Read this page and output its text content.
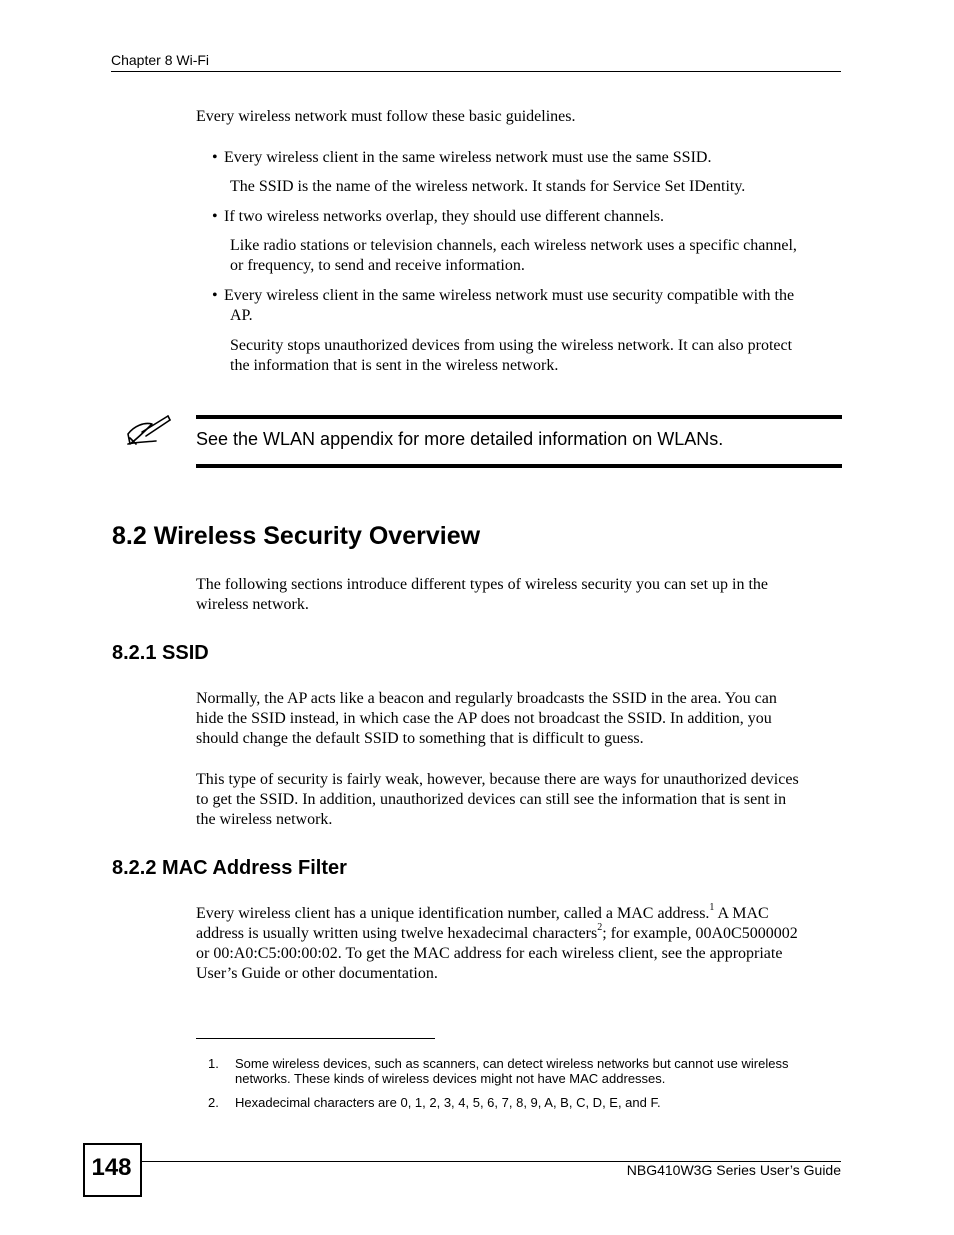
Chapter 8 Wi-Fi
Every wireless network must follow these basic guidelines.
• Every wireless client in the same wireless network must use the same SSID.
The SSID is the name of the wireless network. It stands for Service Set IDentity.
• If two wireless networks overlap, they should use different channels.
Like radio stations or television channels, each wireless network uses a specific channel,
or frequency, to send and receive information.
• Every wireless client in the same wireless network must use security compatible with the
AP.
Security stops unauthorized devices from using the wireless network. It can also protect
the information that is sent in the wireless network.
See the WLAN appendix for more detailed information on WLANs.
8.2 Wireless Security Overview
The following sections introduce different types of wireless security you can set up in the
wireless network.
8.2.1 SSID
Normally, the AP acts like a beacon and regularly broadcasts the SSID in the area. You can
hide the SSID instead, in which case the AP does not broadcast the SSID. In addition, you
should change the default SSID to something that is difficult to guess.
This type of security is fairly weak, however, because there are ways for unauthorized devices
to get the SSID. In addition, unauthorized devices can still see the information that is sent in
the wireless network.
8.2.2 MAC Address Filter
Every wireless client has a unique identification number, called a MAC address.$^1$ A MAC
address is usually written using twelve hexadecimal characters$^2$; for example, 00A0C5000002
or 00:A0:C5:00:00:02. To get the MAC address for each wireless client, see the appropriate
User’s Guide or other documentation.
1. Some wireless devices, such as scanners, can detect wireless networks but cannot use wireless
networks. These kinds of wireless devices might not have MAC addresses.
2. Hexadecimal characters are 0, 1, 2, 3, 4, 5, 6, 7, 8, 9, A, B, C, D, E, and F.
148	NBG410W3G Series User’s Guide
